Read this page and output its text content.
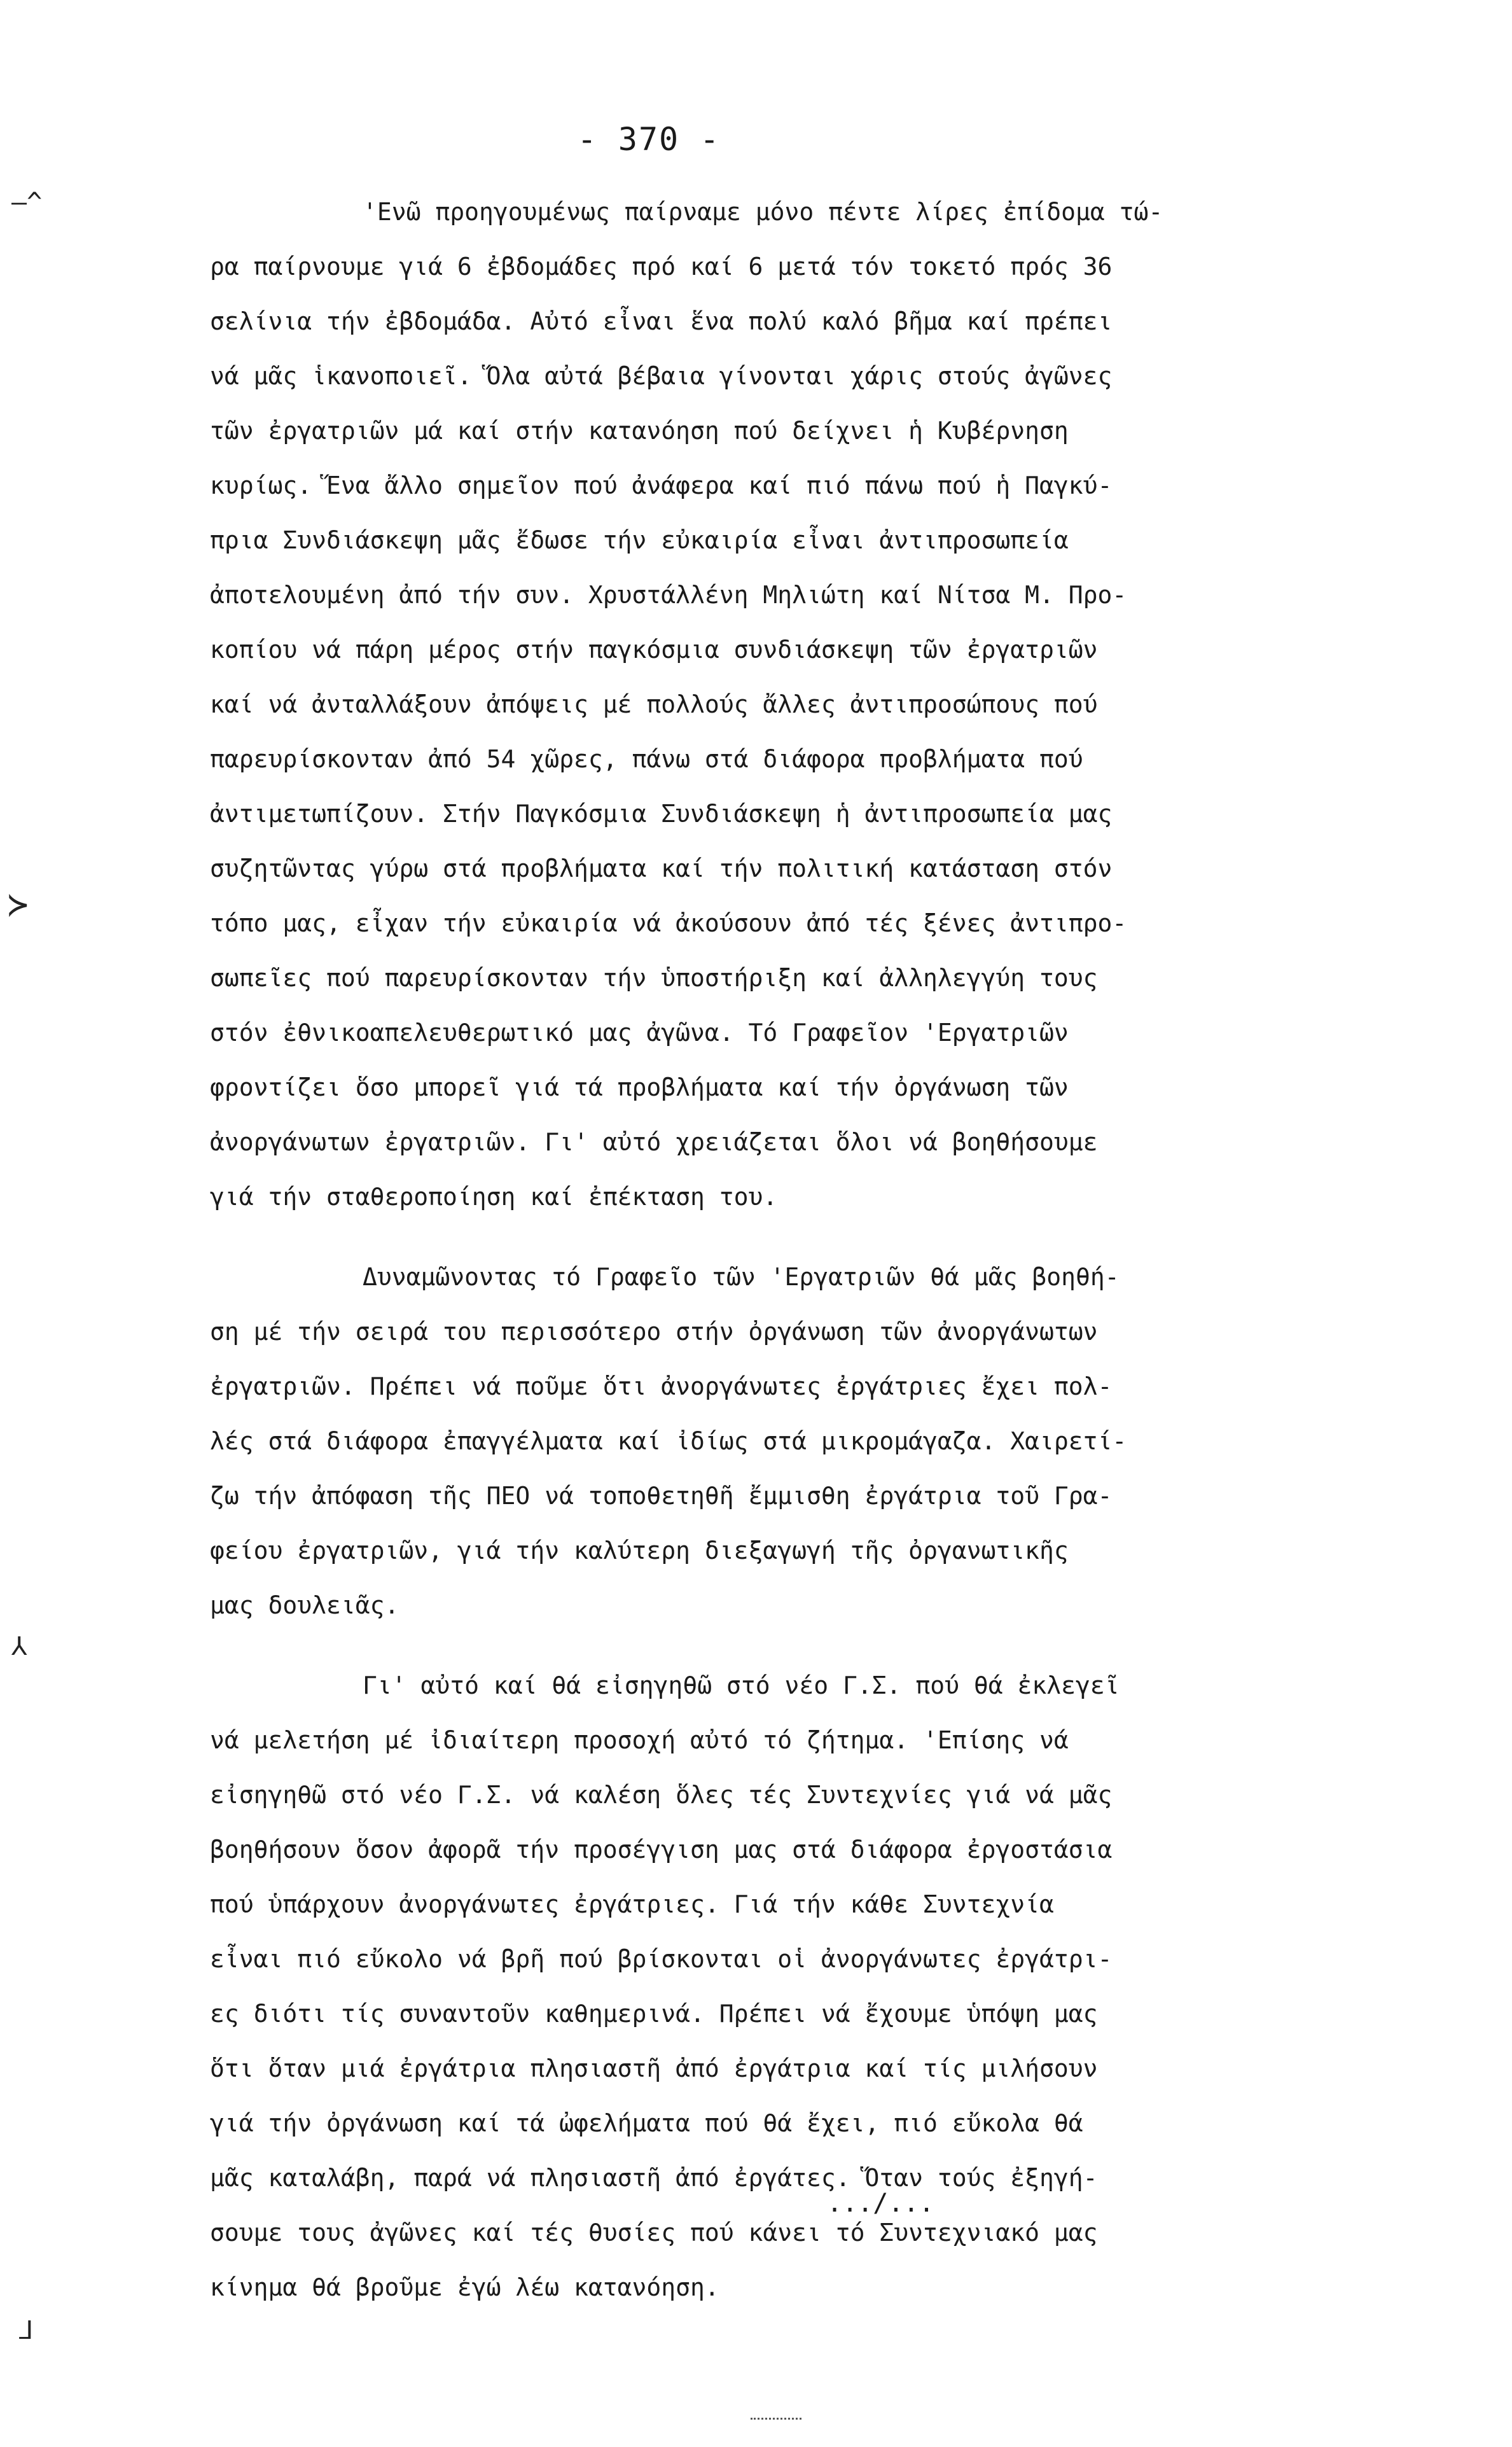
- 370 -
—^
≻
⅄
⅃
'Ενῶ προηγουμένως παίρναμε μόνο πέντε λίρες ἐπίδομα τώ-
ρα παίρνουμε γιά 6 ἐβδομάδες πρό καί 6 μετά τόν τοκετό πρός 36
σελίνια τήν ἐβδομάδα. Αὐτό εἶναι ἕνα πολύ καλό βῆμα καί πρέπει
νά μᾶς ἱκανοποιεῖ. Ὅλα αὐτά βέβαια γίνονται χάρις στούς ἀγῶνες
τῶν ἐργατριῶν μά καί στήν κατανόηση πού δείχνει ἡ Κυβέρνηση
κυρίως. Ἕνα ἄλλο σημεῖον πού ἀνάφερα καί πιό πάνω πού ἡ Παγκύ-
πρια Συνδιάσκεψη μᾶς ἔδωσε τήν εὐκαιρία εἶναι ἀντιπροσωπεία
ἀποτελουμένη ἀπό τήν συν. Χρυστάλλένη Μηλιώτη καί Νίτσα Μ. Προ-
κοπίου νά πάρη μέρος στήν παγκόσμια συνδιάσκεψη τῶν ἐργατριῶν
καί νά ἀνταλλάξουν ἀπόψεις μέ πολλούς ἄλλες ἀντιπροσώπους πού
παρευρίσκονταν ἀπό 54 χῶρες, πάνω στά διάφορα προβλήματα πού
ἀντιμετωπίζουν. Στήν Παγκόσμια Συνδιάσκεψη ἡ ἀντιπροσωπεία μας
συζητῶντας γύρω στά προβλήματα καί τήν πολιτική κατάσταση στόν
τόπο μας, εἶχαν τήν εὐκαιρία νά ἀκούσουν ἀπό τές ξένες ἀντιπρο-
σωπεῖες πού παρευρίσκονταν τήν ὑποστήριξη καί ἀλληλεγγύη τους
στόν ἐθνικοαπελευθερωτικό μας ἀγῶνα. Τό Γραφεῖον 'Εργατριῶν
φροντίζει ὅσο μπορεῖ γιά τά προβλήματα καί τήν ὀργάνωση τῶν
ἀνοργάνωτων ἐργατριῶν. Γι' αὐτό χρειάζεται ὅλοι νά βοηθήσουμε
γιά τήν σταθεροποίηση καί ἐπέκταση του.
Δυναμῶνοντας τό Γραφεῖο τῶν 'Εργατριῶν θά μᾶς βοηθή-
ση μέ τήν σειρά του περισσότερο στήν ὀργάνωση τῶν ἀνοργάνωτων
ἐργατριῶν. Πρέπει νά ποῦμε ὅτι ἀνοργάνωτες ἐργάτριες ἔχει πολ-
λές στά διάφορα ἐπαγγέλματα καί ἰδίως στά μικρομάγαζα. Χαιρετί-
ζω τήν ἀπόφαση τῆς ΠΕΟ νά τοποθετηθῆ ἔμμισθη ἐργάτρια τοῦ Γρα-
φείου ἐργατριῶν, γιά τήν καλύτερη διεξαγωγή τῆς ὀργανωτικῆς
μας δουλειᾶς.
Γι' αὐτό καί θά εἰσηγηθῶ στό νέο Γ.Σ. πού θά ἐκλεγεῖ
νά μελετήση μέ ἰδιαίτερη προσοχή αὐτό τό ζήτημα. 'Επίσης νά
εἰσηγηθῶ στό νέο Γ.Σ. νά καλέση ὅλες τές Συντεχνίες γιά νά μᾶς
βοηθήσουν ὅσον ἀφορᾶ τήν προσέγγιση μας στά διάφορα ἐργοστάσια
πού ὑπάρχουν ἀνοργάνωτες ἐργάτριες. Γιά τήν κάθε Συντεχνία
εἶναι πιό εὔκολο νά βρῆ πού βρίσκονται οἱ ἀνοργάνωτες ἐργάτρι-
ες διότι τίς συναντοῦν καθημερινά. Πρέπει νά ἔχουμε ὑπόψη μας
ὅτι ὅταν μιά ἐργάτρια πλησιαστῆ ἀπό ἐργάτρια καί τίς μιλήσουν
γιά τήν ὀργάνωση καί τά ὠφελήματα πού θά ἔχει, πιό εὔκολα θά
μᾶς καταλάβη, παρά νά πλησιαστῆ ἀπό ἐργάτες. Ὅταν τούς ἐξηγή-
σουμε τους ἀγῶνες καί τές θυσίες πού κάνει τό Συντεχνιακό μας
κίνημα θά βροῦμε ἐγώ λέω κατανόηση.
.../...
